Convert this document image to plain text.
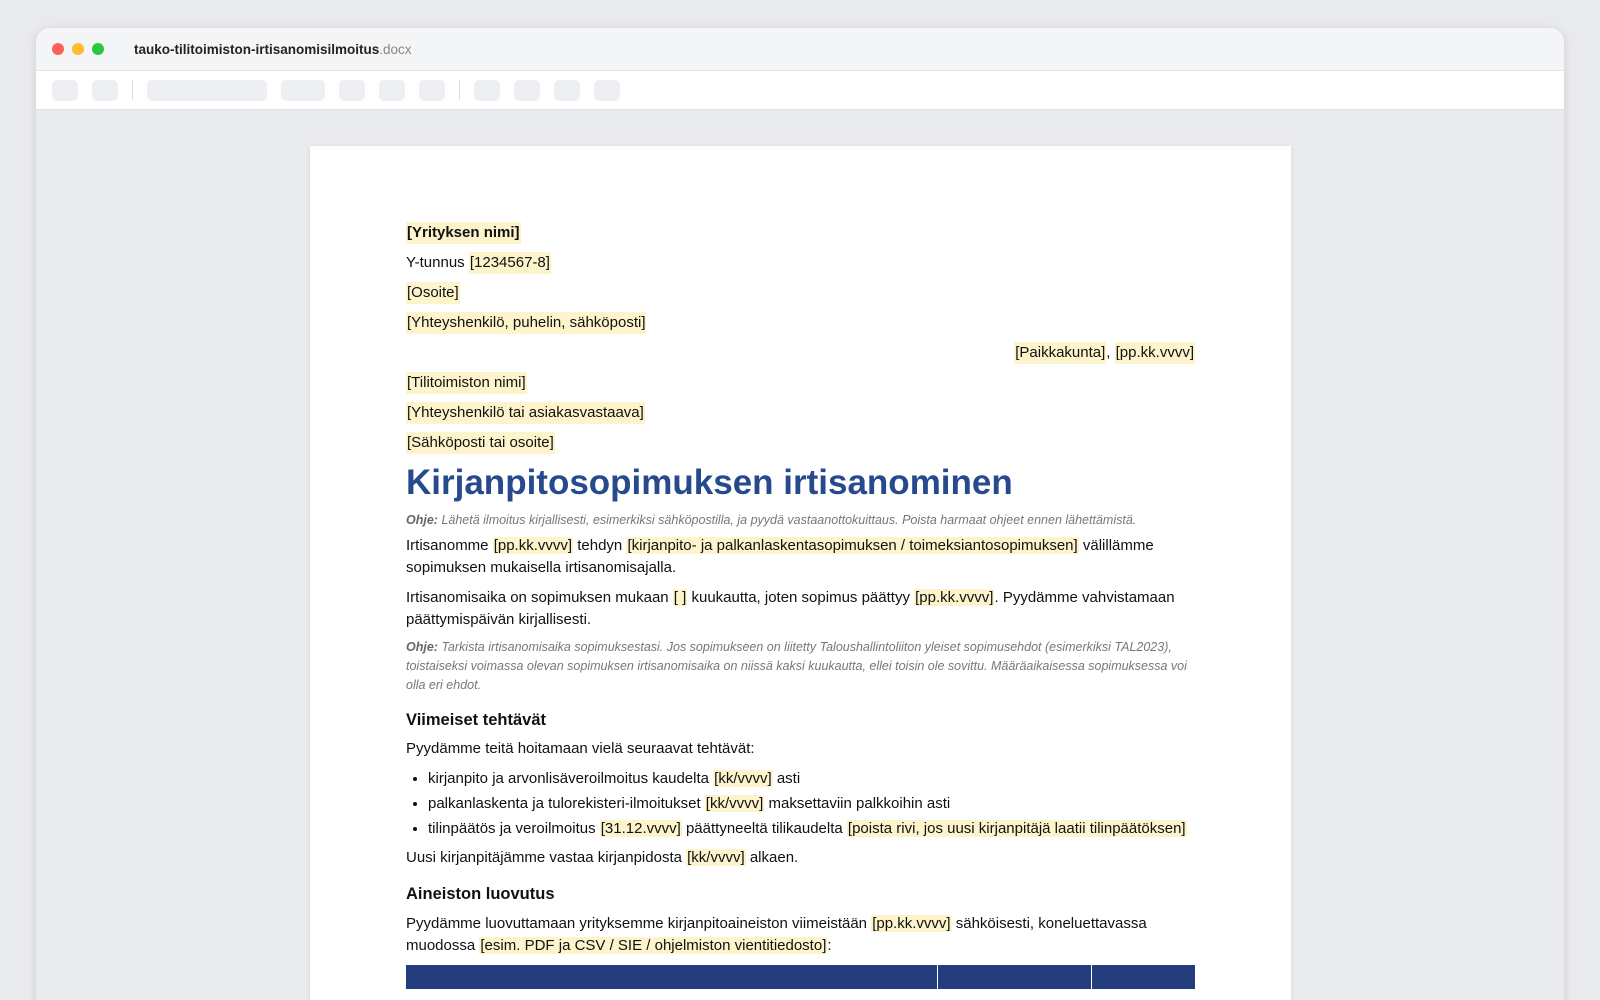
tauko-tilitoimiston-irtisanomisilmoitus.docx
[Yrityksen nimi]
Y-tunnus
[1234567-8]
[Osoite]
[Yhteyshenkilö, puhelin, sähköposti]
[Paikkakunta] ,
[pp.kk.vvvv]
[Tilitoimiston nimi]
[Yhteyshenkilö tai asiakasvastaava]
[Sähköposti tai osoite]
Kirjanpitosopimuksen irtisanominen
Ohje: Lähetä ilmoitus kirjallisesti, esimerkiksi sähköpostilla, ja pyydä vastaanottokuittaus. Poista harmaat ohjeet ennen lähettämistä.

Irtisanomme [pp.kk.vvvv] tehdyn [kirjanpito- ja palkanlaskentasopimuksen / toimeksiantosopimuksen] välillämme sopimuksen mukaisella irtisanomisajalla.

Irtisanomisaika on sopimuksen mukaan [ ] kuukautta, joten sopimus päättyy [pp.kk.vvvv]. Pyydämme vahvistamaan päättymispäivän kirjallisesti.

Ohje: Tarkista irtisanomisaika sopimuksestasi. Jos sopimukseen on liitetty Taloushallintoliiton yleiset sopimusehdot (esimerkiksi TAL2023), toistaiseksi voimassa olevan sopimuksen irtisanomisaika on niissä kaksi kuukautta, ellei toisin ole sovittu. Määräaikaisessa sopimuksessa voi olla eri ehdot.
Viimeiset tehtävät

Pyydämme teitä hoitamaan vielä seuraavat tehtävät:

• kirjanpito ja arvonlisäveroilmoitus kaudelta [kk/vvvv] asti
• palkanlaskenta ja tulorekisteri-ilmoitukset [kk/vvvv] maksettaviin palkkoihin asti
• tilinpäätös ja veroilmoitus [31.12.vvvv] päättyneeltä tilikaudelta [poista rivi, jos uusi kirjanpitäjä laatii tilinpäätöksen]

Uusi kirjanpitäjämme vastaa kirjanpidosta [kk/vvvv] alkaen.

Aineiston luovutus

Pyydämme luovuttamaan yrityksemme kirjanpitoaineiston viimeistään [pp.kk.vvvv] sähköisesti, koneluettavassa muodossa [esim. PDF ja CSV / SIE / ohjelmiston vientitiedosto]:
